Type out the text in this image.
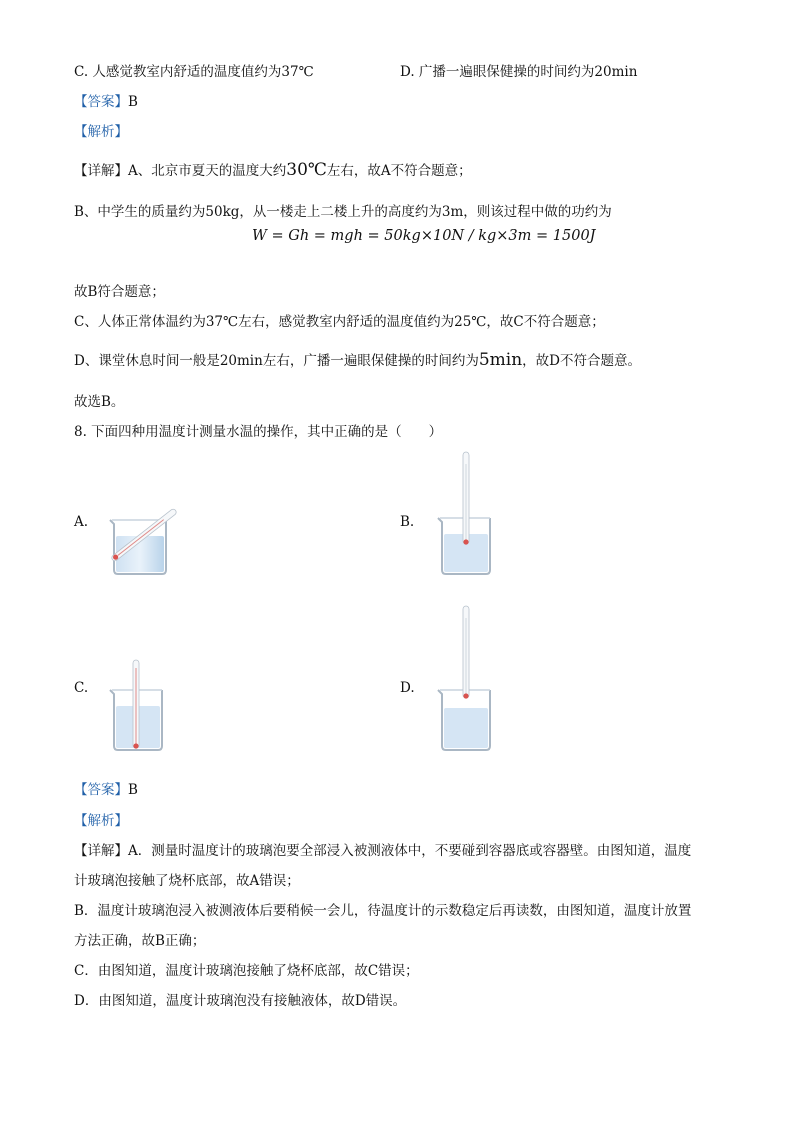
C. 人感觉教室内舒适的温度值约为37℃	D. 广播一遍眼保健操的时间约为20min
【答案】B
【解析】
【详解】A、北京市夏天的温度大约30℃左右，故A不符合题意；
B、中学生的质量约为50kg，从一楼走上二楼上升的高度约为3m，则该过程中做的功约为
W = Gh = mgh = 50kg×10N / kg×3m = 1500J
故B符合题意；
C、人体正常体温约为37℃左右，感觉教室内舒适的温度值约为25℃，故C不符合题意；
D、课堂休息时间一般是20min左右，广播一遍眼保健操的时间约为5min，故D不符合题意。
故选B。
8. 下面四种用温度计测量水温的操作，其中正确的是（　　）
A.	B.
C.	D.
【答案】B
【解析】
【详解】A．测量时温度计的玻璃泡要全部浸入被测液体中，不要碰到容器底或容器壁。由图知道，温度
计玻璃泡接触了烧杯底部，故A错误；
B．温度计玻璃泡浸入被测液体后要稍候一会儿，待温度计的示数稳定后再读数，由图知道，温度计放置
方法正确，故B正确；
C．由图知道，温度计玻璃泡接触了烧杯底部，故C错误；
D．由图知道，温度计玻璃泡没有接触液体，故D错误。
